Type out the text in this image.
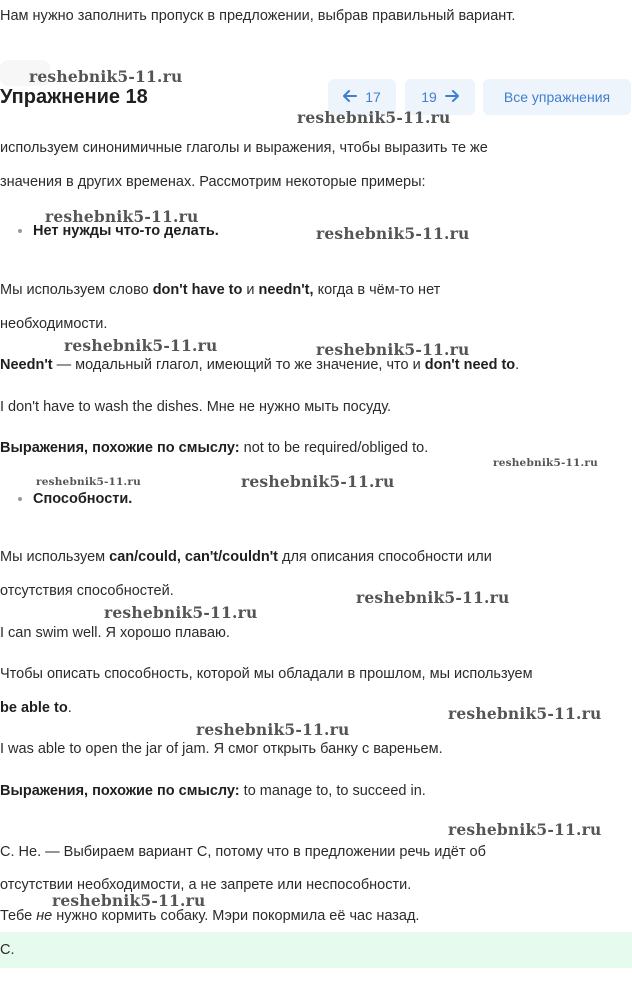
Нам нужно заполнить пропуск в предложении, выбрав правильный вариант.
Упражнение 18	17	19	Все упражнения
используем синонимичные глаголы и выражения, чтобы выразить те же
значения в других временах. Рассмотрим некоторые примеры:
Нет нужды что-то делать.
Мы используем слово don't have to и needn't, когда в чём-то нет
необходимости.
Needn't — модальный глагол, имеющий то же значение, что и don't need to.
I don't have to wash the dishes. Мне не нужно мыть посуду.
Выражения, похожие по смыслу: not to be required/obliged to.
Способности.
Мы используем can/could, can't/couldn't для описания способности или
отсутствия способностей.
I can swim well. Я хорошо плаваю.
Чтобы описать способность, которой мы обладали в прошлом, мы используем
be able to.
I was able to open the jar of jam. Я смог открыть банку с вареньем.
Выражения, похожие по смыслу: to manage to, to succeed in.
C. He. — Выбираем вариант C, потому что в предложении речь идёт об
отсутствии необходимости, а не запрете или неспособности.
Тебе не нужно кормить собаку. Мэри покормила её час назад.
C.
reshebnik5-11.ru
reshebnik5-11.ru
reshebnik5-11.ru
reshebnik5-11.ru
reshebnik5-11.ru	reshebnik5-11.ru
reshebnik5-11.ru
reshebnik5-11.ru	reshebnik5-11.ru
reshebnik5-11.ru
reshebnik5-11.ru
reshebnik5-11.ru
reshebnik5-11.ru
reshebnik5-11.ru
reshebnik5-11.ru
